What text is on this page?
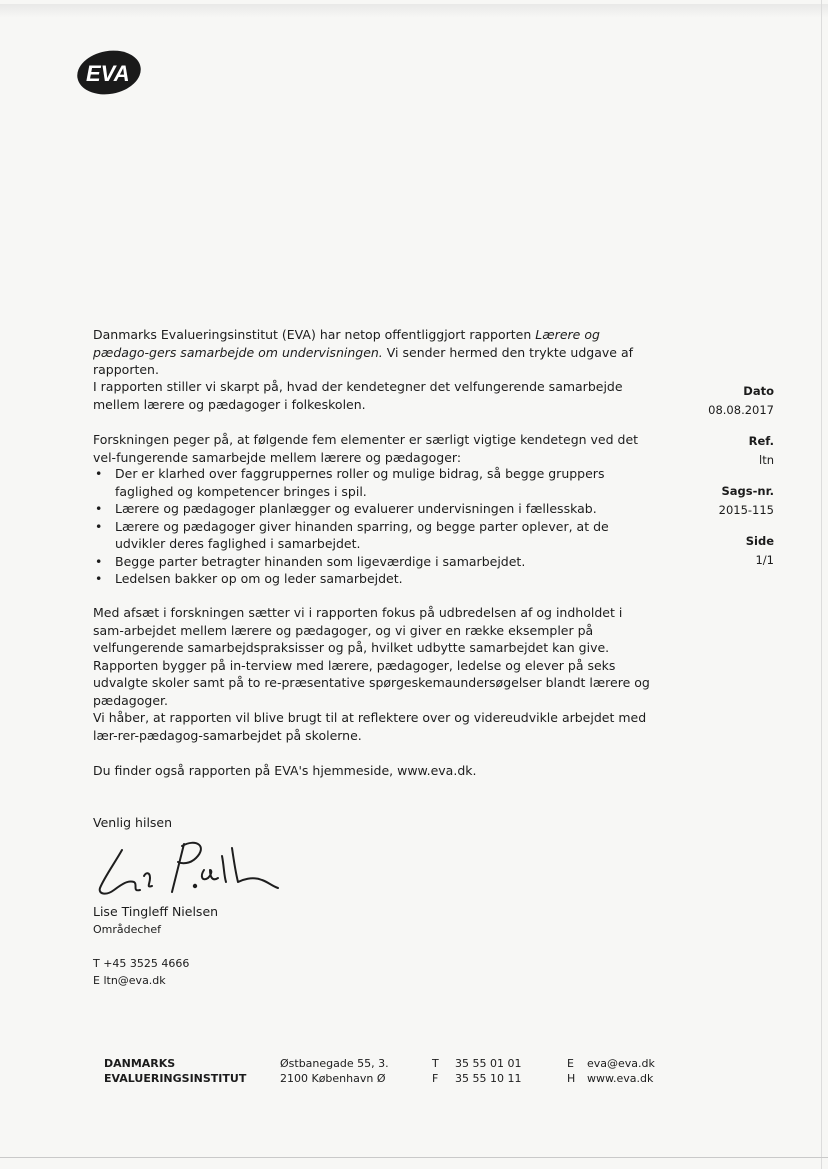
EVA
Dato
08.08.2017
Ref.
ltn
Sags-nr.
2015-115
Side
1/1

Danmarks Evalueringsinstitut (EVA) har netop offentliggjort rapporten Lærere og pædago-gers samarbejde om undervisningen. Vi sender hermed den trykte udgave af rapporten.

I rapporten stiller vi skarpt på, hvad der kendetegner det velfungerende samarbejde mellem lærere og pædagoger i folkeskolen.

Forskningen peger på, at følgende fem elementer er særligt vigtige kendetegn ved det vel-fungerende samarbejde mellem lærere og pædagoger:

• Der er klarhed over faggruppernes roller og mulige bidrag, så begge gruppers faglighed og kompetencer bringes i spil.
• Lærere og pædagoger planlægger og evaluerer undervisningen i fællesskab.
• Lærere og pædagoger giver hinanden sparring, og begge parter oplever, at de udvikler deres faglighed i samarbejdet.
• Begge parter betragter hinanden som ligeværdige i samarbejdet.
• Ledelsen bakker op om og leder samarbejdet.

Med afsæt i forskningen sætter vi i rapporten fokus på udbredelsen af og indholdet i sam-arbejdet mellem lærere og pædagoger, og vi giver en række eksempler på velfungerende samarbejdspraksisser og på, hvilket udbytte samarbejdet kan give. Rapporten bygger på in-terview med lærere, pædagoger, ledelse og elever på seks udvalgte skoler samt på to re-præsentative spørgeskemaundersøgelser blandt lærere og pædagoger.

Vi håber, at rapporten vil blive brugt til at reflektere over og videreudvikle arbejdet med lær-rer-pædagog-samarbejdet på skolerne.

Du finder også rapporten på EVA's hjemmeside, www.eva.dk.

Venlig hilsen

Lise Tingleff Nielsen
Områdechef
T +45 3525 4666
E ltn@eva.dk
DANMARKS
EVALUERINGSINSTITUT
Østbanegade 55, 3.
2100 København Ø
T
F
35 55 01 01
35 55 10 11
E
H
eva@eva.dk
www.eva.dk
